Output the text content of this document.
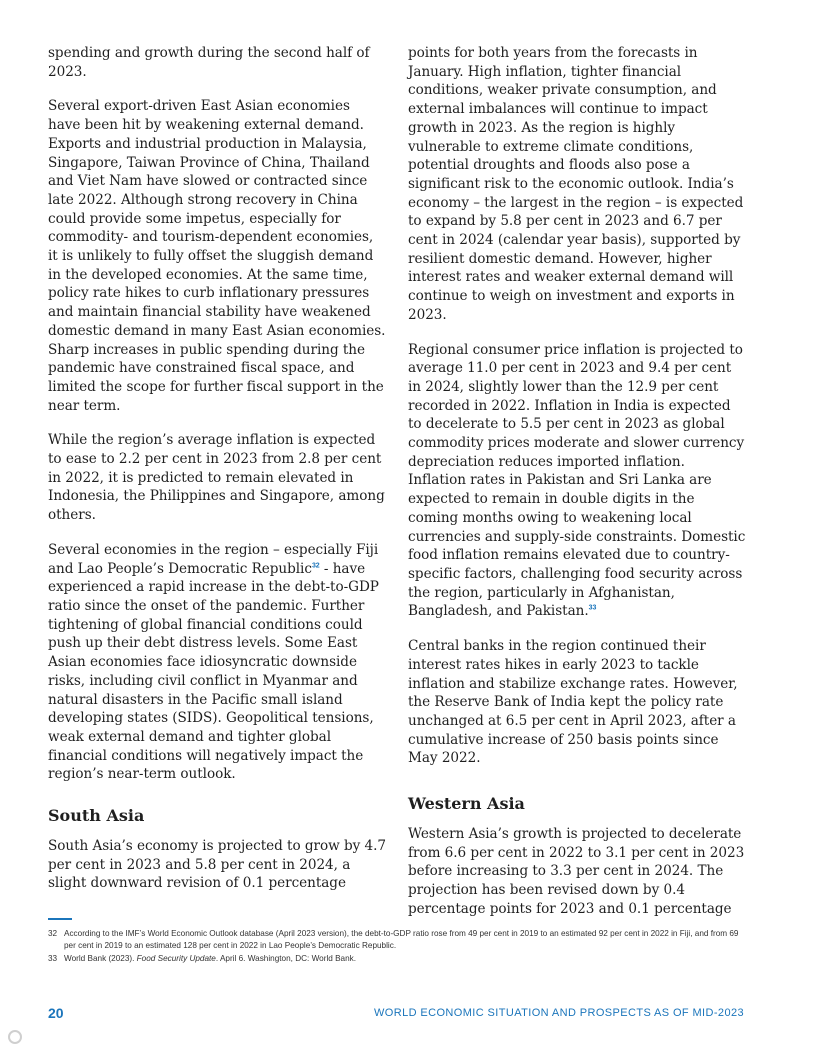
spending and growth during the second half of 2023.

Several export-driven East Asian economies have been hit by weakening external demand. Exports and industrial production in Malaysia, Singapore, Taiwan Province of China, Thailand and Viet Nam have slowed or contracted since late 2022. Although strong recovery in China could provide some impetus, especially for commodity- and tourism-dependent economies, it is unlikely to fully offset the sluggish demand in the developed economies. At the same time, policy rate hikes to curb inflationary pressures and maintain financial stability have weakened domestic demand in many East Asian economies. Sharp increases in public spending during the pandemic have constrained fiscal space, and limited the scope for further fiscal support in the near term.

While the region’s average inflation is expected to ease to 2.2 per cent in 2023 from 2.8 per cent in 2022, it is predicted to remain elevated in Indonesia, the Philippines and Singapore, among others.

Several economies in the region – especially Fiji and Lao People’s Democratic Republic$^{32}$ - have experienced a rapid increase in the debt-to-GDP ratio since the onset of the pandemic. Further tightening of global financial conditions could push up their debt distress levels. Some East Asian economies face idiosyncratic downside risks, including civil conflict in Myanmar and natural disasters in the Pacific small island developing states (SIDS). Geopolitical tensions, weak external demand and tighter global financial conditions will negatively impact the region’s near-term outlook.

South Asia

South Asia’s economy is projected to grow by 4.7 per cent in 2023 and 5.8 per cent in 2024, a slight downward revision of 0.1 percentage

points for both years from the forecasts in January. High inflation, tighter financial conditions, weaker private consumption, and external imbalances will continue to impact growth in 2023. As the region is highly vulnerable to extreme climate conditions, potential droughts and floods also pose a significant risk to the economic outlook. India’s economy – the largest in the region – is expected to expand by 5.8 per cent in 2023 and 6.7 per cent in 2024 (calendar year basis), supported by resilient domestic demand. However, higher interest rates and weaker external demand will continue to weigh on investment and exports in 2023.

Regional consumer price inflation is projected to average 11.0 per cent in 2023 and 9.4 per cent in 2024, slightly lower than the 12.9 per cent recorded in 2022. Inflation in India is expected to decelerate to 5.5 per cent in 2023 as global commodity prices moderate and slower currency depreciation reduces imported inflation. Inflation rates in Pakistan and Sri Lanka are expected to remain in double digits in the coming months owing to weakening local currencies and supply-side constraints. Domestic food inflation remains elevated due to country-specific factors, challenging food security across the region, particularly in Afghanistan, Bangladesh, and Pakistan.$^{33}$

Central banks in the region continued their interest rates hikes in early 2023 to tackle inflation and stabilize exchange rates. However, the Reserve Bank of India kept the policy rate unchanged at 6.5 per cent in April 2023, after a cumulative increase of 250 basis points since May 2022.

Western Asia

Western Asia’s growth is projected to decelerate from 6.6 per cent in 2022 to 3.1 per cent in 2023 before increasing to 3.3 per cent in 2024. The projection has been revised down by 0.4 percentage points for 2023 and 0.1 percentage

32 According to the IMF’s World Economic Outlook database (April 2023 version), the debt-to-GDP ratio rose from 49 per cent in 2019 to an estimated 92 per cent in 2022 in Fiji, and from 69 per cent in 2019 to an estimated 128 per cent in 2022 in Lao People’s Democratic Republic.
33 World Bank (2023). Food Security Update. April 6. Washington, DC: World Bank.
20	WORLD ECONOMIC SITUATION AND PROSPECTS AS OF MID-2023
